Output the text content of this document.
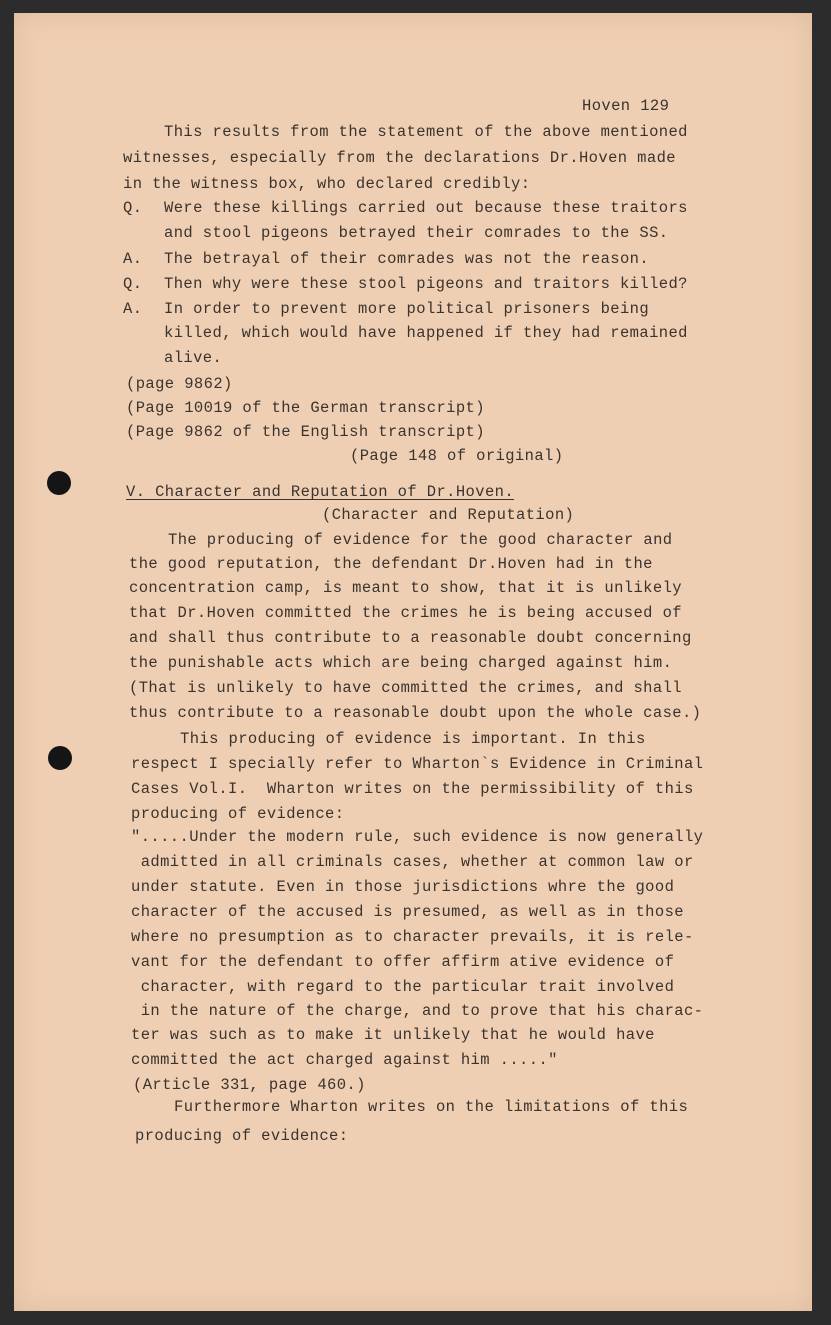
Hoven 129
This results from the statement of the above mentioned
witnesses, especially from the declarations Dr.Hoven made
in the witness box, who declared credibly:
Q. Were these killings carried out because these traitors
and stool pigeons betrayed their comrades to the SS.
A. The betrayal of their comrades was not the reason.
Q. Then why were these stool pigeons and traitors killed?
A. In order to prevent more political prisoners being
killed, which would have happened if they had remained
alive.
(page 9862)
(Page 10019 of the German transcript)
(Page 9862 of the English transcript)
(Page 148 of original)
V. Character and Reputation of Dr.Hoven.
(Character and Reputation)
The producing of evidence for the good character and
the good reputation, the defendant Dr.Hoven had in the
concentration camp, is meant to show, that it is unlikely
that Dr.Hoven committed the crimes he is being accused of
and shall thus contribute to a reasonable doubt concerning
the punishable acts which are being charged against him.
(That is unlikely to have committed the crimes, and shall
thus contribute to a reasonable doubt upon the whole case.)
This producing of evidence is important. In this
respect I specially refer to Wharton`s Evidence in Criminal
Cases Vol.I.  Wharton writes on the permissibility of this
producing of evidence:
".....Under the modern rule, such evidence is now generally
admitted in all criminals cases, whether at common law or
under statute. Even in those jurisdictions whre the good
character of the accused is presumed, as well as in those
where no presumption as to character prevails, it is rele-
vant for the defendant to offer affirm ative evidence of
character, with regard to the particular trait involved
in the nature of the charge, and to prove that his charac-
ter was such as to make it unlikely that he would have
committed the act charged against him ....."
(Article 331, page 460.)
Furthermore Wharton writes on the limitations of this
producing of evidence:
